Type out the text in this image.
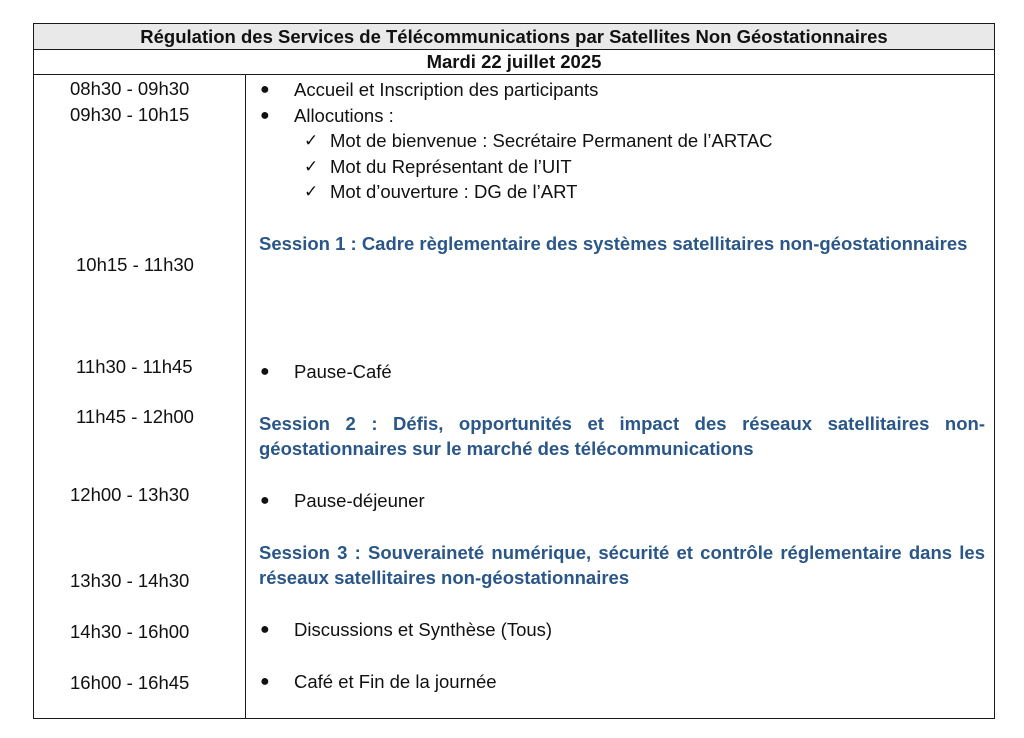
Régulation des Services de Télécommunications par Satellites Non Géostationnaires
Mardi 22 juillet 2025
08h30 - 09h30
09h30 - 10h15
10h15 - 11h30
11h30 - 11h45
11h45 - 12h00
12h00 - 13h30
13h30 - 14h30
14h30 - 16h00
16h00 - 16h45
● Accueil et Inscription des participants
● Allocutions :
✓ Mot de bienvenue : Secrétaire Permanent de l’ARTAC
✓ Mot du Représentant de l’UIT
✓ Mot d’ouverture : DG de l’ART
Session 1 : Cadre règlementaire des systèmes satellitaires non-géostationnaires
● Pause-Café
Session 2 : Défis, opportunités et impact des réseaux satellitaires non-géostationnaires sur le marché des télécommunications
● Pause-déjeuner
Session 3 : Souveraineté numérique, sécurité et contrôle réglementaire dans les réseaux satellitaires non-géostationnaires
● Discussions et Synthèse (Tous)
● Café et Fin de la journée
